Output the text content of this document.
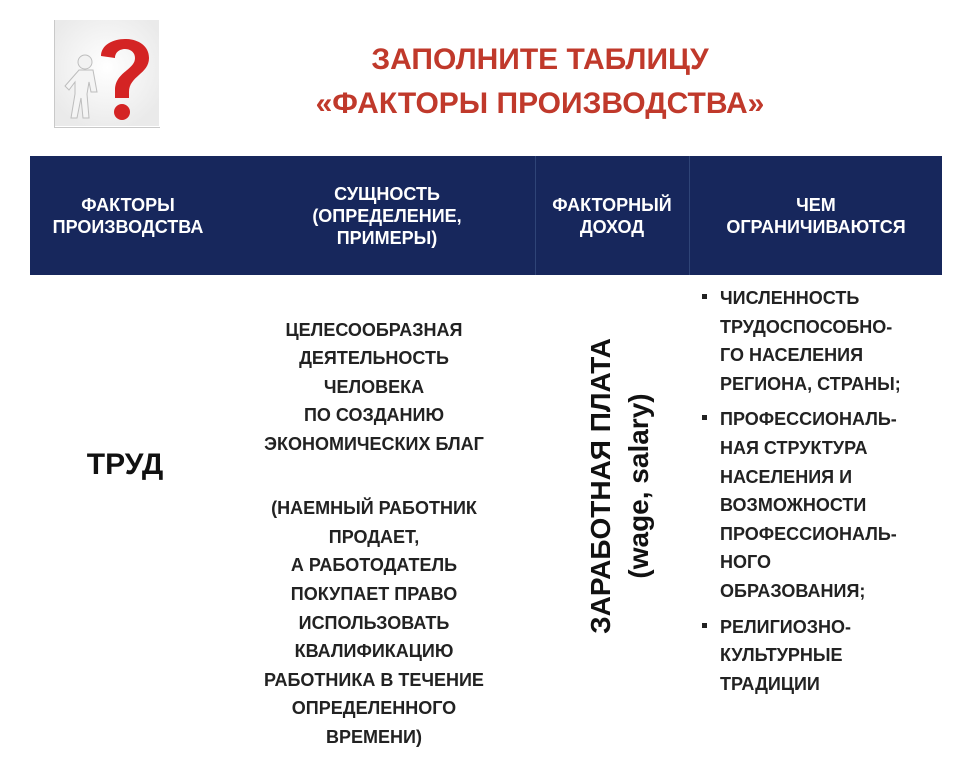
ЗАПОЛНИТЕ ТАБЛИЦУ
«ФАКТОРЫ ПРОИЗВОДСТВА»
ФАКТОРЫ
ПРОИЗВОДСТВА
СУЩНОСТЬ
(ОПРЕДЕЛЕНИЕ,
ПРИМЕРЫ)
ФАКТОРНЫЙ
ДОХОД
ЧЕМ
ОГРАНИЧИВАЮТСЯ
ТРУД

ЦЕЛЕСООБРАЗНАЯ
ДЕЯТЕЛЬНОСТЬ
ЧЕЛОВЕКА
ПО СОЗДАНИЮ
ЭКОНОМИЧЕСКИХ БЛАГ

(НАЕМНЫЙ РАБОТНИК
ПРОДАЕТ,
А РАБОТОДАТЕЛЬ
ПОКУПАЕТ ПРАВО
ИСПОЛЬЗОВАТЬ
КВАЛИФИКАЦИЮ
РАБОТНИКА В ТЕЧЕНИЕ
ОПРЕДЕЛЕННОГО
ВРЕМЕНИ)

ЗАРАБОТНАЯ ПЛАТА (wage, salary)
ЧИСЛЕННОСТЬ
ТРУДОСПОСОБНО-
ГО НАСЕЛЕНИЯ
РЕГИОНА, СТРАНЫ;
ПРОФЕССИОНАЛЬ-
НАЯ СТРУКТУРА
НАСЕЛЕНИЯ И
ВОЗМОЖНОСТИ
ПРОФЕССИОНАЛЬ-
НОГО
ОБРАЗОВАНИЯ;
РЕЛИГИОЗНО-
КУЛЬТУРНЫЕ
ТРАДИЦИИ
